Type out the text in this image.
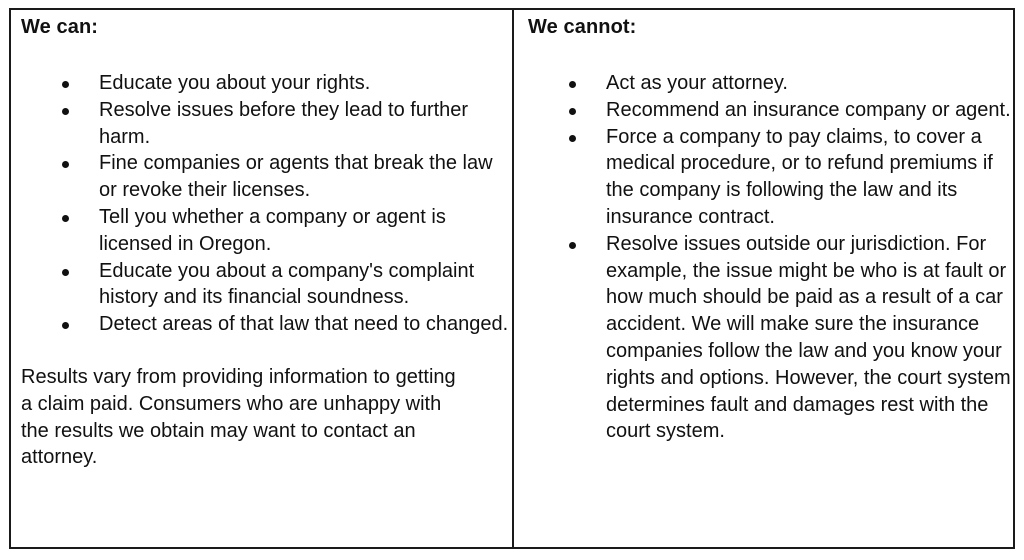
We can:

Educate you about your rights.
Resolve issues before they lead to further harm.
Fine companies or agents that break the law or revoke their licenses.
Tell you whether a company or agent is licensed in Oregon.
Educate you about a company's complaint history and its financial soundness.
Detect areas of that law that need to changed.

Results vary from providing information to getting a claim paid. Consumers who are unhappy with the results we obtain may want to contact an attorney.

We cannot:

Act as your attorney.
Recommend an insurance company or agent.
Force a company to pay claims, to cover a medical procedure, or to refund premiums if the company is following the law and its insurance contract.
Resolve issues outside our jurisdiction. For example, the issue might be who is at fault or how much should be paid as a result of a car accident. We will make sure the insurance companies follow the law and you know your rights and options. However, the court system determines fault and damages rest with the court system.
